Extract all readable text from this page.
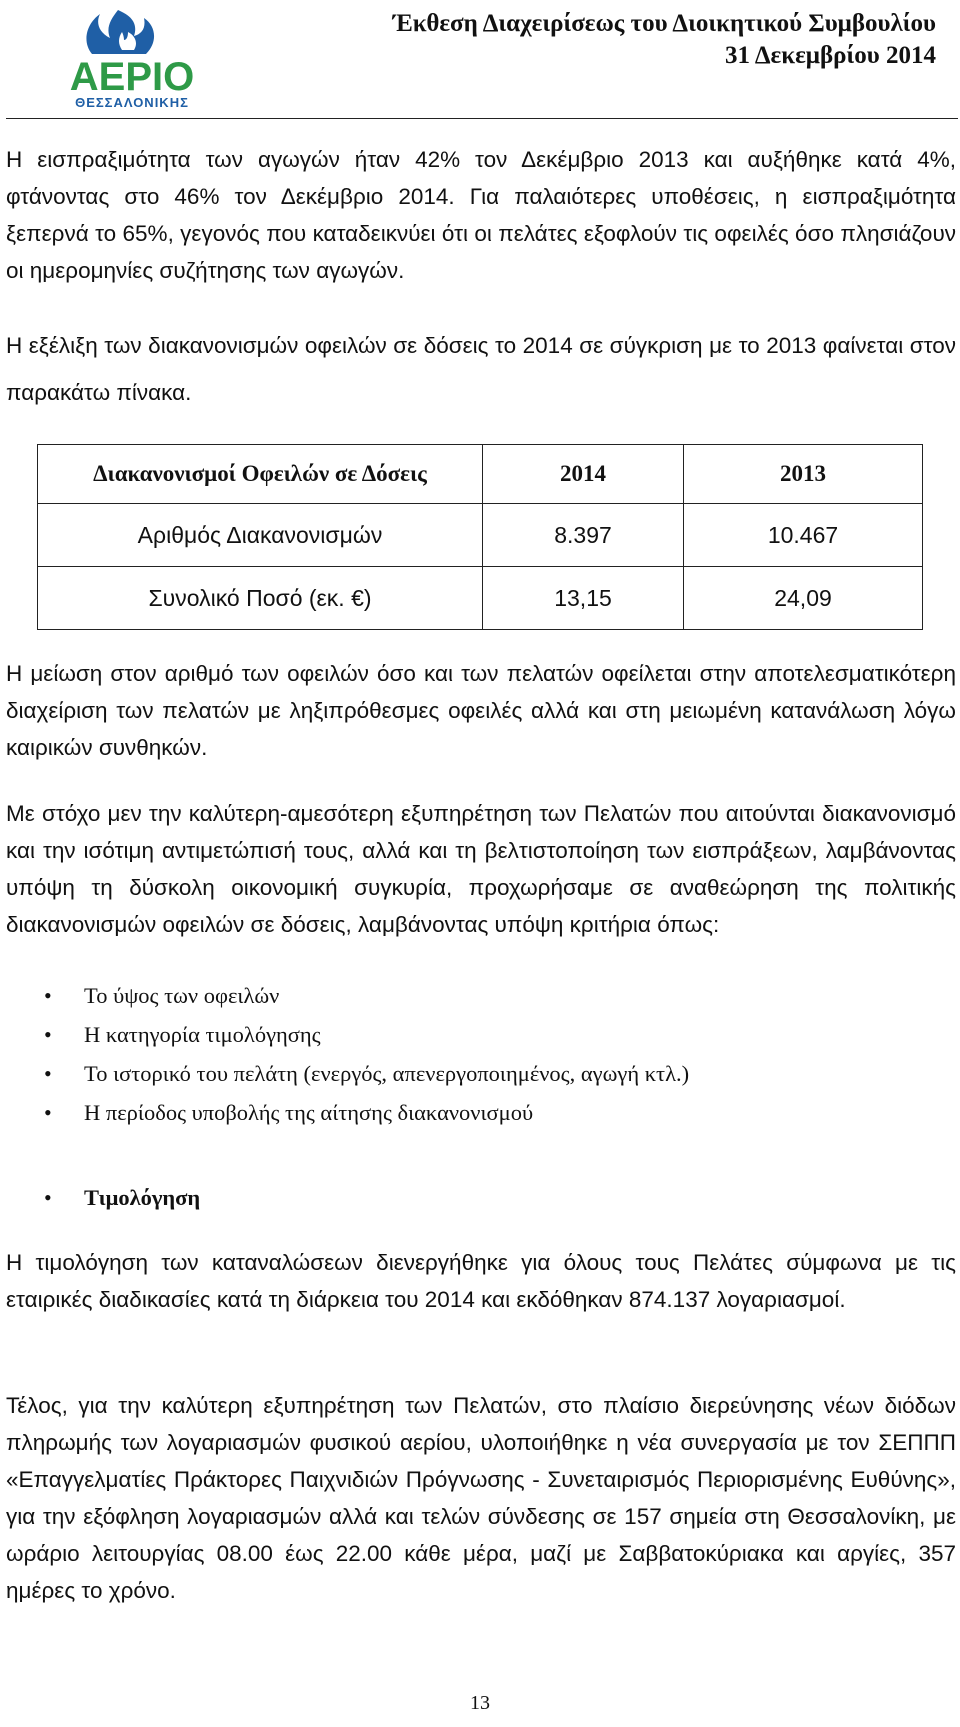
ΑΕΡΙΟ
ΘΕΣΣΑΛΟΝΙΚΗΣ
Έκθεση Διαχειρίσεως του Διοικητικού Συμβουλίου
31 Δεκεμβρίου 2014

Η εισπραξιμότητα των αγωγών ήταν 42% τον Δεκέμβριο 2013 και αυξήθηκε κατά 4%, φτάνοντας στο 46% τον Δεκέμβριο 2014. Για παλαιότερες υποθέσεις, η εισπραξιμότητα ξεπερνά το 65%, γεγονός που καταδεικνύει ότι οι πελάτες εξοφλούν τις οφειλές όσο πλησιάζουν οι ημερομηνίες συζήτησης των αγωγών.

Η εξέλιξη των διακανονισμών οφειλών σε δόσεις το 2014 σε σύγκριση με το 2013 φαίνεται στον παρακάτω πίνακα.

Διακανονισμοί Οφειλών σε Δόσεις	2014	2013
Αριθμός Διακανονισμών	8.397	10.467
Συνολικό Ποσό (εκ. €)	13,15	24,09

Η μείωση στον αριθμό των οφειλών όσο και των πελατών οφείλεται στην αποτελεσματικότερη διαχείριση των πελατών με ληξιπρόθεσμες οφειλές αλλά και στη μειωμένη κατανάλωση λόγω καιρικών συνθηκών.

Με στόχο μεν την καλύτερη-αμεσότερη εξυπηρέτηση των Πελατών που αιτούνται διακανονισμό και την ισότιμη αντιμετώπισή τους, αλλά και τη βελτιστοποίηση των εισπράξεων, λαμβάνοντας υπόψη τη δύσκολη οικονομική συγκυρία, προχωρήσαμε σε αναθεώρηση της πολιτικής διακανονισμών οφειλών σε δόσεις, λαμβάνοντας υπόψη κριτήρια όπως:

• Το ύψος των οφειλών
• Η κατηγορία τιμολόγησης
• Το ιστορικό του πελάτη (ενεργός, απενεργοποιημένος, αγωγή κτλ.)
• Η περίοδος υποβολής της αίτησης διακανονισμού
• Τιμολόγηση

Η τιμολόγηση των καταναλώσεων διενεργήθηκε για όλους τους Πελάτες σύμφωνα με τις εταιρικές διαδικασίες κατά τη διάρκεια του 2014 και εκδόθηκαν 874.137 λογαριασμοί.

Τέλος, για την καλύτερη εξυπηρέτηση των Πελατών, στο πλαίσιο διερεύνησης νέων διόδων πληρωμής των λογαριασμών φυσικού αερίου, υλοποιήθηκε η νέα συνεργασία με τον ΣΕΠΠΠ «Επαγγελματίες Πράκτορες Παιχνιδιών Πρόγνωσης - Συνεταιρισμός Περιορισμένης Ευθύνης», για την εξόφληση λογαριασμών αλλά και τελών σύνδεσης σε 157 σημεία στη Θεσσαλονίκη, με ωράριο λειτουργίας 08.00 έως 22.00 κάθε μέρα, μαζί με Σαββατοκύριακα και αργίες, 357 ημέρες το χρόνο.

13
